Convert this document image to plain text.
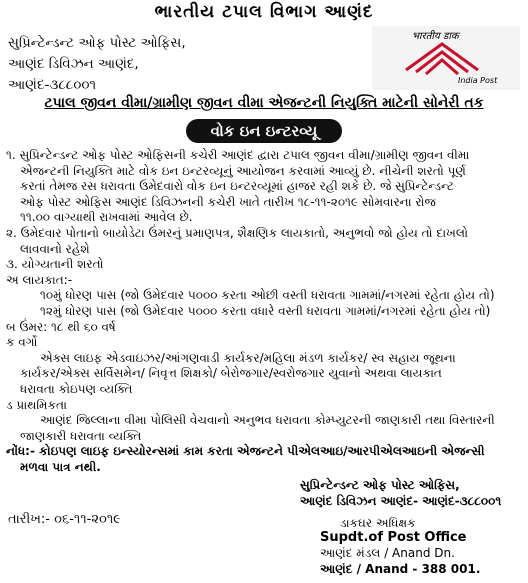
ભારતીય ટપાલ વિભાગ આણંદ
સુપ્રિન્ટેન્ડન્ટ ઓફ પોસ્ટ ઓફિસ,
આણંદ ડિવિઝન આણંદ,
આણંદ-૩૮૮૦૦૧
भारतीय डाक
India Post
ટપાલ જીવન વીમા/ગ્રામીણ જીવન વીમા એજન્ટની નિયુક્તિ માટેની સોનેરી તક
વોક ઇન ઇન્ટરવ્યૂ

૧. સુપ્રિન્ટેન્ડન્ટ ઓફ પોસ્ટ ઓફિસની કચેરી આણંદ દ્વારા ટપાલ જીવન વીમા/ગ્રામીણ જીવન વીમા

એજન્ટની નિયુક્તિ માટે વોક ઇન ઇન્ટરવ્યૂનું આયોજન કરવામાં આવ્યું છે. નીચેની શરતો પૂર્ણ

કરતાં તેમજ રસ ધરાવતા ઉમેદવારો વોક ઇન ઇન્ટરવ્યૂમાં હાજર રહી શકે છે. જે સુપ્રિન્ટેન્ડન્ટ

ઓફ પોસ્ટ ઓફિસ આણંદ ડિવિઝનની કચેરી ખાતે તારીખ ૧૮-૧૧-૨૦૧૯ સોમવારના રોજ

૧૧.૦૦ વાગ્યાથી રાખવામાં આવેલ છે.

૨. ઉમેદવાર પોતાનો બાયોડેટા ઉંમરનું પ્રમાણપત્ર, શૈક્ષણિક લાયકાતો, અનુભવો જો હોય તો દાખલો

લાવવાનો રહેશે

૩. યોગ્યતાની શરતો

અ લાયકાત:-

૧૦મું ધોરણ પાસ (જો ઉમેદવાર ૫૦૦૦ કરતા ઓછી વસ્તી ધરાવતા ગામમાં/નગરમાં રહેતા હોય તો)

૧૨મું ધોરણ પાસ (જો ઉમેદવાર ૫૦૦૦ કરતા વધારે વસ્તી ધરાવતા ગામમાં/નગરમાં રહેતા હોય તો)

બ ઉંમર: ૧૮ થી ૬૦ વર્ષ

ક વર્ગો

એક્સ લાઇફ એડવાઇઝર/આંગણવાડી કાર્યકર/મહિલા મંડળ કાર્યકર/ સ્વ સહાય જૂથના

કાર્યકર/એક્સ સર્વિસમેન/ નિવૃત્ત શિક્ષકો/ બેરોજગાર/સ્વરોજગાર યુવાનો અથવા લાયકાત

ધરાવતા કોઇપણ વ્યક્તિ

ડ પ્રાથમિકતા

આણંદ જિલ્લાના વીમા પોલિસી વેચવાનો અનુભવ ધરાવતા કોમ્પ્યુટરની જાણકારી તથા વિસ્તારની

જાણકારી ધરાવતા વ્યક્તિ

નોંધ:- કોઇપણ લાઇફ ઇન્સ્યોરન્સમાં કામ કરતા એજન્ટને પીએલઆઇ/આરપીએલઆઇની એજન્સી

મળવા પાત્ર નથી.

સુપ્રિન્ટેન્ડન્ટ ઓફ પોસ્ટ ઓફિસ,
આણંદ ડિવિઝન આણંદ- આણંદ-૩૮૮૦૦૧
તારીખ:- ૦૬-૧૧-૨૦૧૯	ડાકઘર અધિક્ષક
Supdt.of Post Office
આણંદ મંડલ / Anand Dn.
આણંદ / Anand - 388 001.
